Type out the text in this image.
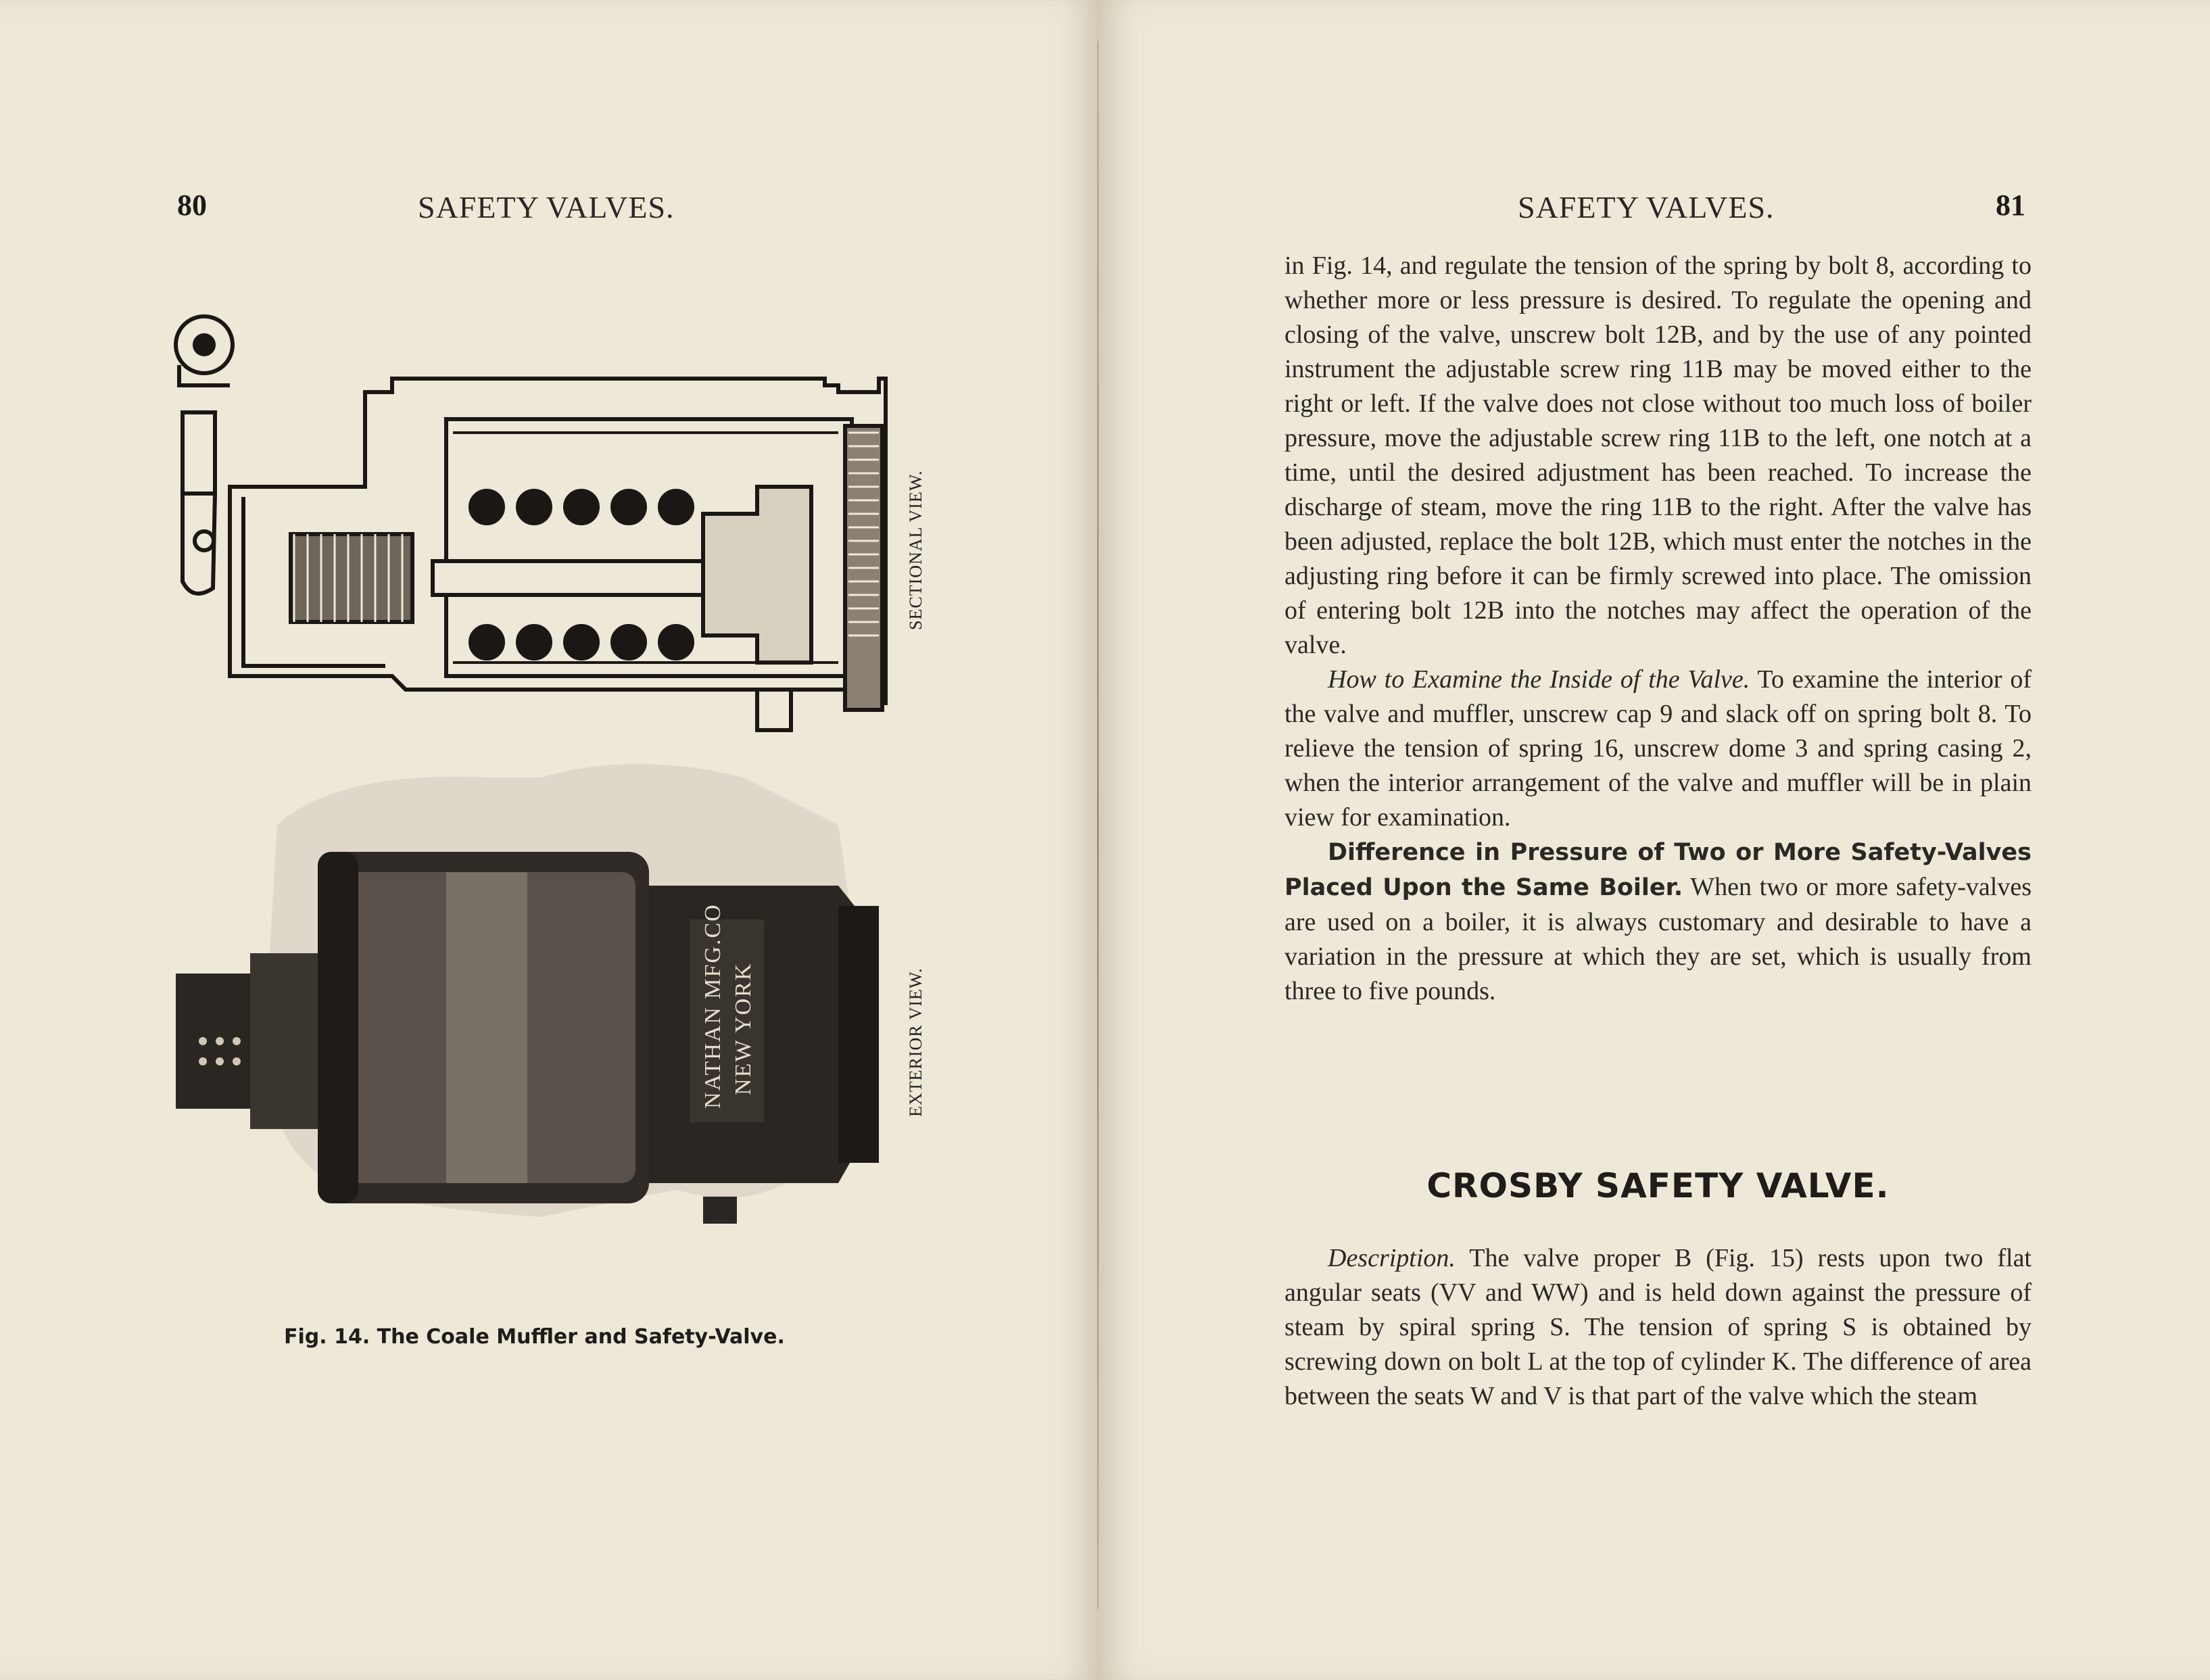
80	SAFETY VALVES.
NATHAN MFG.CO NEW YORK
SECTIONAL VIEW.
EXTERIOR VIEW.
Fig. 14. The Coale Muffler and Safety-Valve.
SAFETY VALVES.	81

in Fig. 14, and regulate the tension of the spring by bolt 8, according to whether more or less pressure is desired. To regulate the opening and closing of the valve, unscrew bolt 12B, and by the use of any pointed instrument the adjustable screw ring 11B may be moved either to the right or left. If the valve does not close without too much loss of boiler pressure, move the adjustable screw ring 11B to the left, one notch at a time, until the desired adjustment has been reached. To increase the discharge of steam, move the ring 11B to the right. After the valve has been adjusted, replace the bolt 12B, which must enter the notches in the adjusting ring before it can be firmly screwed into place. The omission of entering bolt 12B into the notches may affect the operation of the valve.

How to Examine the Inside of the Valve. To examine the interior of the valve and muffler, unscrew cap 9 and slack off on spring bolt 8. To relieve the tension of spring 16, unscrew dome 3 and spring casing 2, when the interior arrangement of the valve and muffler will be in plain view for examination.

Difference in Pressure of Two or More Safety-Valves Placed Upon the Same Boiler. When two or more safety-valves are used on a boiler, it is always customary and desirable to have a variation in the pressure at which they are set, which is usually from three to five pounds.

CROSBY SAFETY VALVE.

Description. The valve proper B (Fig. 15) rests upon two flat angular seats (VV and WW) and is held down against the pressure of steam by spiral spring S. The tension of spring S is obtained by screwing down on bolt L at the top of cylinder K. The difference of area between the seats W and V is that part of the valve which the steam
